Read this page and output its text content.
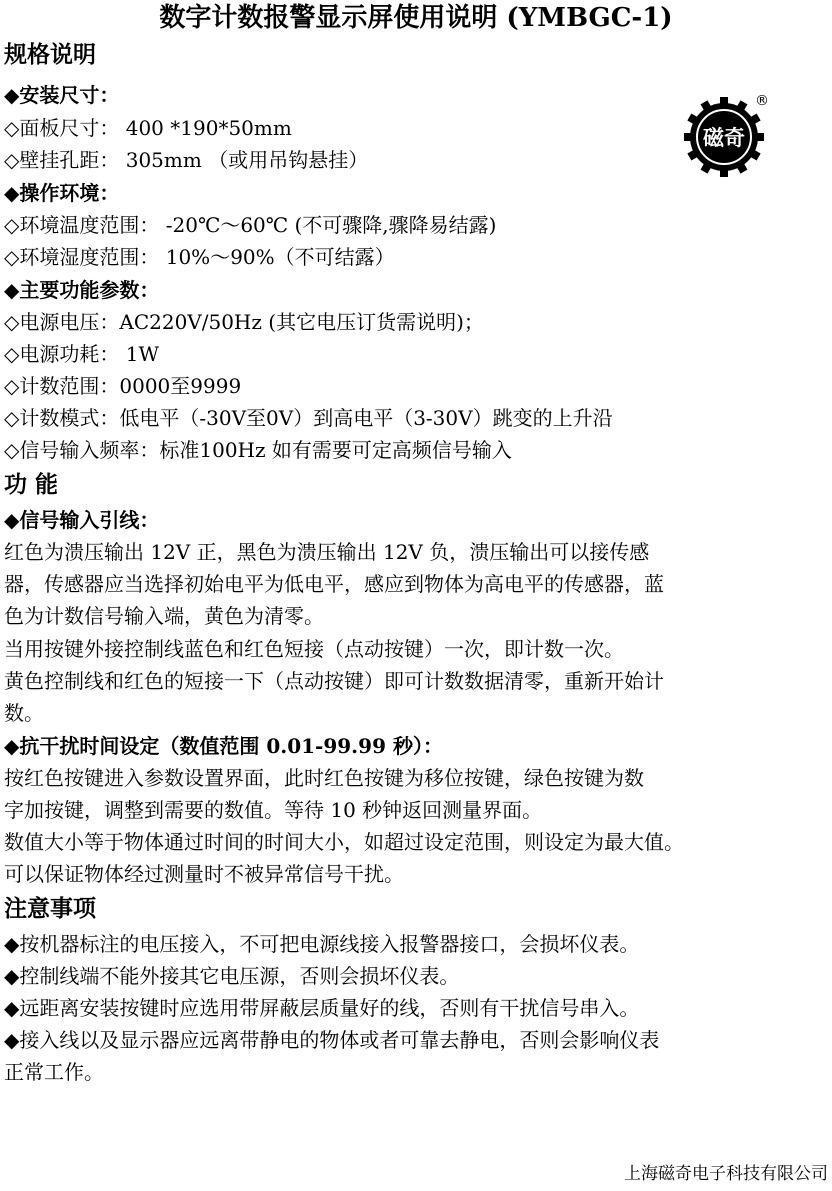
数字计数报警显示屏使用说明 (YMBGC-1)
规格说明
◆安装尺寸：
◇面板尺寸： 400 *190*50mm
◇壁挂孔距： 305mm （或用吊钩悬挂）
◆操作环境：
◇环境温度范围： -20℃～60℃ (不可骤降,骤降易结露)
◇环境湿度范围： 10%～90%（不可结露）
◆主要功能参数：
◇电源电压：AC220V/50Hz (其它电压订货需说明)；
◇电源功耗： 1W
◇计数范围：0000至9999
◇计数模式：低电平（-30V至0V）到高电平（3-30V）跳变的上升沿
◇信号输入频率：标准100Hz 如有需要可定高频信号输入
功 能
◆信号输入引线：
红色为溃压输出 12V 正，黑色为溃压输出 12V 负，溃压输出可以接传感
器，传感器应当选择初始电平为低电平，感应到物体为高电平的传感器，蓝
色为计数信号输入端，黄色为清零。
当用按键外接控制线蓝色和红色短接（点动按键）一次，即计数一次。
黄色控制线和红色的短接一下（点动按键）即可计数数据清零，重新开始计
数。
◆抗干扰时间设定（数值范围 0.01-99.99 秒）：
按红色按键进入参数设置界面，此时红色按键为移位按键，绿色按键为数
字加按键，调整到需要的数值。等待 10 秒钟返回测量界面。
数值大小等于物体通过时间的时间大小，如超过设定范围，则设定为最大值。
可以保证物体经过测量时不被异常信号干扰。
注意事项
◆按机器标注的电压接入，不可把电源线接入报警器接口，会损坏仪表。
◆控制线端不能外接其它电压源，否则会损坏仪表。
◆远距离安装按键时应选用带屏蔽层质量好的线，否则有干扰信号串入。
◆接入线以及显示器应远离带静电的物体或者可靠去静电，否则会影响仪表
正常工作。
磁奇
®
上海磁奇电子科技有限公司
